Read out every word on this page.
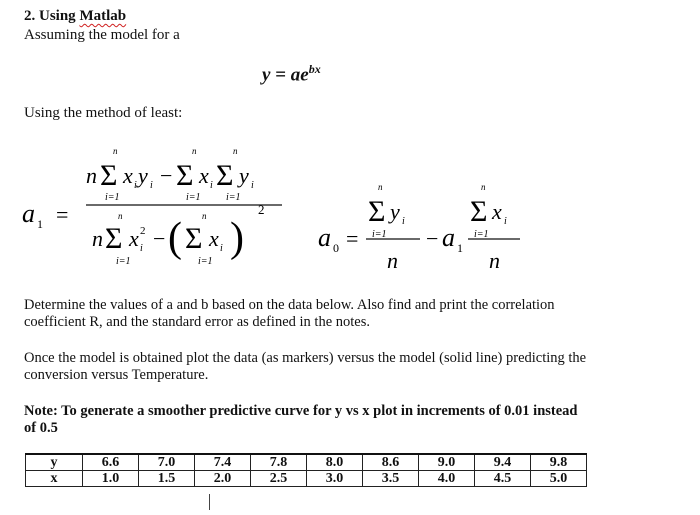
2. Using Matlab
Assuming the model for a
$y = ae^{bx}$
Using the method of least:
a 1 =
n
n
Σ
i=1
x i y i −
n
Σ
i=1
x i
n
Σ
i=1
y i
n
n
Σ
i=1
x 2
i − ( n
Σ
i=1
x i )
2
a 0 =
n
Σ
i=1
y i
n
− a 1
n
Σ
i=1
x i
n
Determine the values of a and b based on the data below. Also find and print the correlation
coefficient R, and the standard error as defined in the notes.
Once the model is obtained plot the data (as markers) versus the model (solid line) predicting the
conversion versus Temperature.
Note: To generate a smoother predictive curve for y vs x plot in increments of 0.01 instead
of 0.5
y	6.6	7.0	7.4	7.8	8.0	8.6	9.0	9.4	9.8
x	1.0	1.5	2.0	2.5	3.0	3.5	4.0	4.5	5.0
